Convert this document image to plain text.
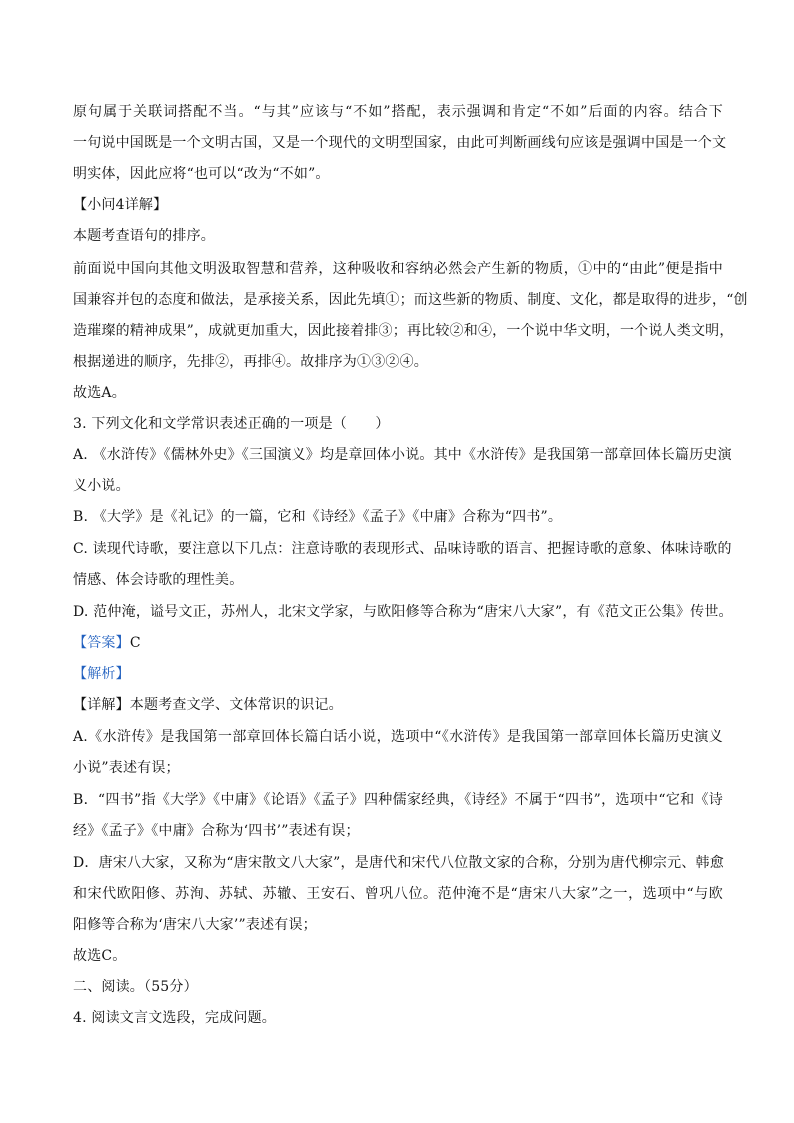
原句属于关联词搭配不当。“与其”应该与“不如”搭配，表示强调和肯定“不如”后面的内容。结合下
一句说中国既是一个文明古国，又是一个现代的文明型国家，由此可判断画线句应该是强调中国是一个文
明实体，因此应将“也可以“改为“不如”。
【小问4详解】
本题考查语句的排序。
前面说中国向其他文明汲取智慧和营养，这种吸收和容纳必然会产生新的物质，①中的“由此”便是指中
国兼容并包的态度和做法，是承接关系，因此先填①；而这些新的物质、制度、文化，都是取得的进步，“创
造璀璨的精神成果”，成就更加重大，因此接着排③；再比较②和④，一个说中华文明，一个说人类文明，
根据递进的顺序，先排②，再排④。故排序为①③②④。
故选A。
3. 下列文化和文学常识表述正确的一项是（　　）
A. 《水浒传》《儒林外史》《三国演义》均是章回体小说。其中《水浒传》是我国第一部章回体长篇历史演
义小说。
B. 《大学》是《礼记》的一篇，它和《诗经》《孟子》《中庸》合称为“四书”。
C. 读现代诗歌，要注意以下几点：注意诗歌的表现形式、品味诗歌的语言、把握诗歌的意象、体味诗歌的
情感、体会诗歌的理性美。
D. 范仲淹，谥号文正，苏州人，北宋文学家，与欧阳修等合称为“唐宋八大家”，有《范文正公集》传世。
【答案】C
【解析】
【详解】本题考查文学、文体常识的识记。
A.《水浒传》是我国第一部章回体长篇白话小说，选项中“《水浒传》是我国第一部章回体长篇历史演义
小说”表述有误；
B．“四书”指《大学》《中庸》《论语》《孟子》四种儒家经典，《诗经》不属于“四书”，选项中“它和《诗
经》《孟子》《中庸》合称为‘四书’”表述有误；
D．唐宋八大家，又称为“唐宋散文八大家”，是唐代和宋代八位散文家的合称，分别为唐代柳宗元、韩愈
和宋代欧阳修、苏洵、苏轼、苏辙、王安石、曾巩八位。范仲淹不是“唐宋八大家”之一，选项中“与欧
阳修等合称为‘唐宋八大家’”表述有误；
故选C。
二、阅读。（55分）
4. 阅读文言文选段，完成问题。
